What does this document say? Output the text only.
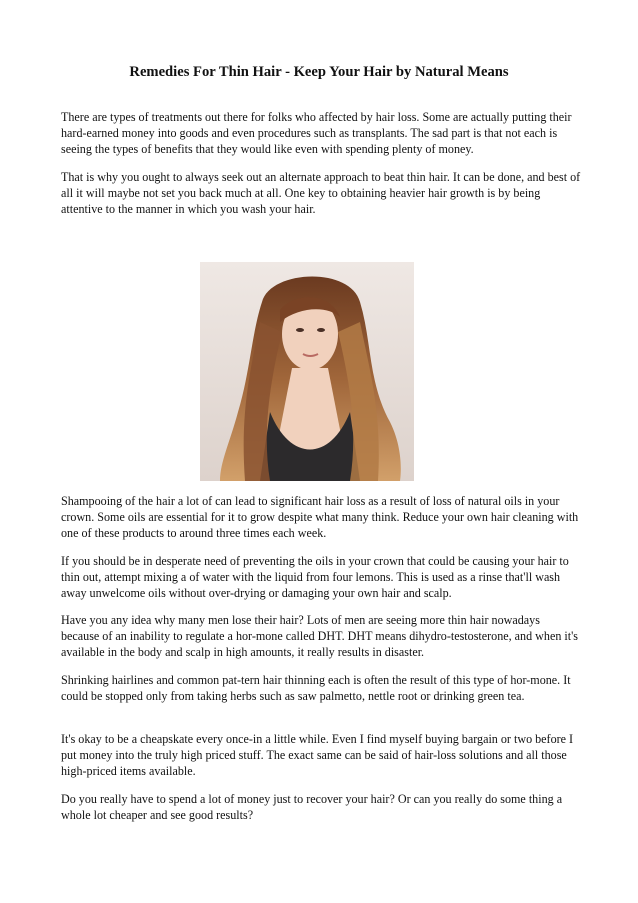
Remedies For Thin Hair - Keep Your Hair by Natural Means

There are types of treatments out there for folks who affected by hair loss. Some are actually putting their hard-earned money into goods and even procedures such as transplants. The sad part is that not each is seeing the types of benefits that they would like even with spending plenty of money.

That is why you ought to always seek out an alternate approach to beat thin hair. It can be done, and best of all it will maybe not set you back much at all. One key to obtaining heavier hair growth is by being attentive to the manner in which you wash your hair.

Shampooing of the hair a lot of can lead to significant hair loss as a result of loss of natural oils in your crown. Some oils are essential for it to grow despite what many think. Reduce your own hair cleaning with one of these products to around three times each week.

If you should be in desperate need of preventing the oils in your crown that could be causing your hair to thin out, attempt mixing a of water with the liquid from four lemons. This is used as a rinse that'll wash away unwelcome oils without over-drying or damaging your own hair and scalp.

Have you any idea why many men lose their hair? Lots of men are seeing more thin hair nowadays because of an inability to regulate a hor-mone called DHT. DHT means dihydro-testosterone, and when it's available in the body and scalp in high amounts, it really results in disaster.

Shrinking hairlines and common pat-tern hair thinning each is often the result of this type of hor-mone. It could be stopped only from taking herbs such as saw palmetto, nettle root or drinking green tea.

It's okay to be a cheapskate every once-in a little while. Even I find myself buying bargain or two before I put money into the truly high priced stuff. The exact same can be said of hair-loss solutions and all those high-priced items available.

Do you really have to spend a lot of money just to recover your hair? Or can you really do some thing a whole lot cheaper and see good results?
